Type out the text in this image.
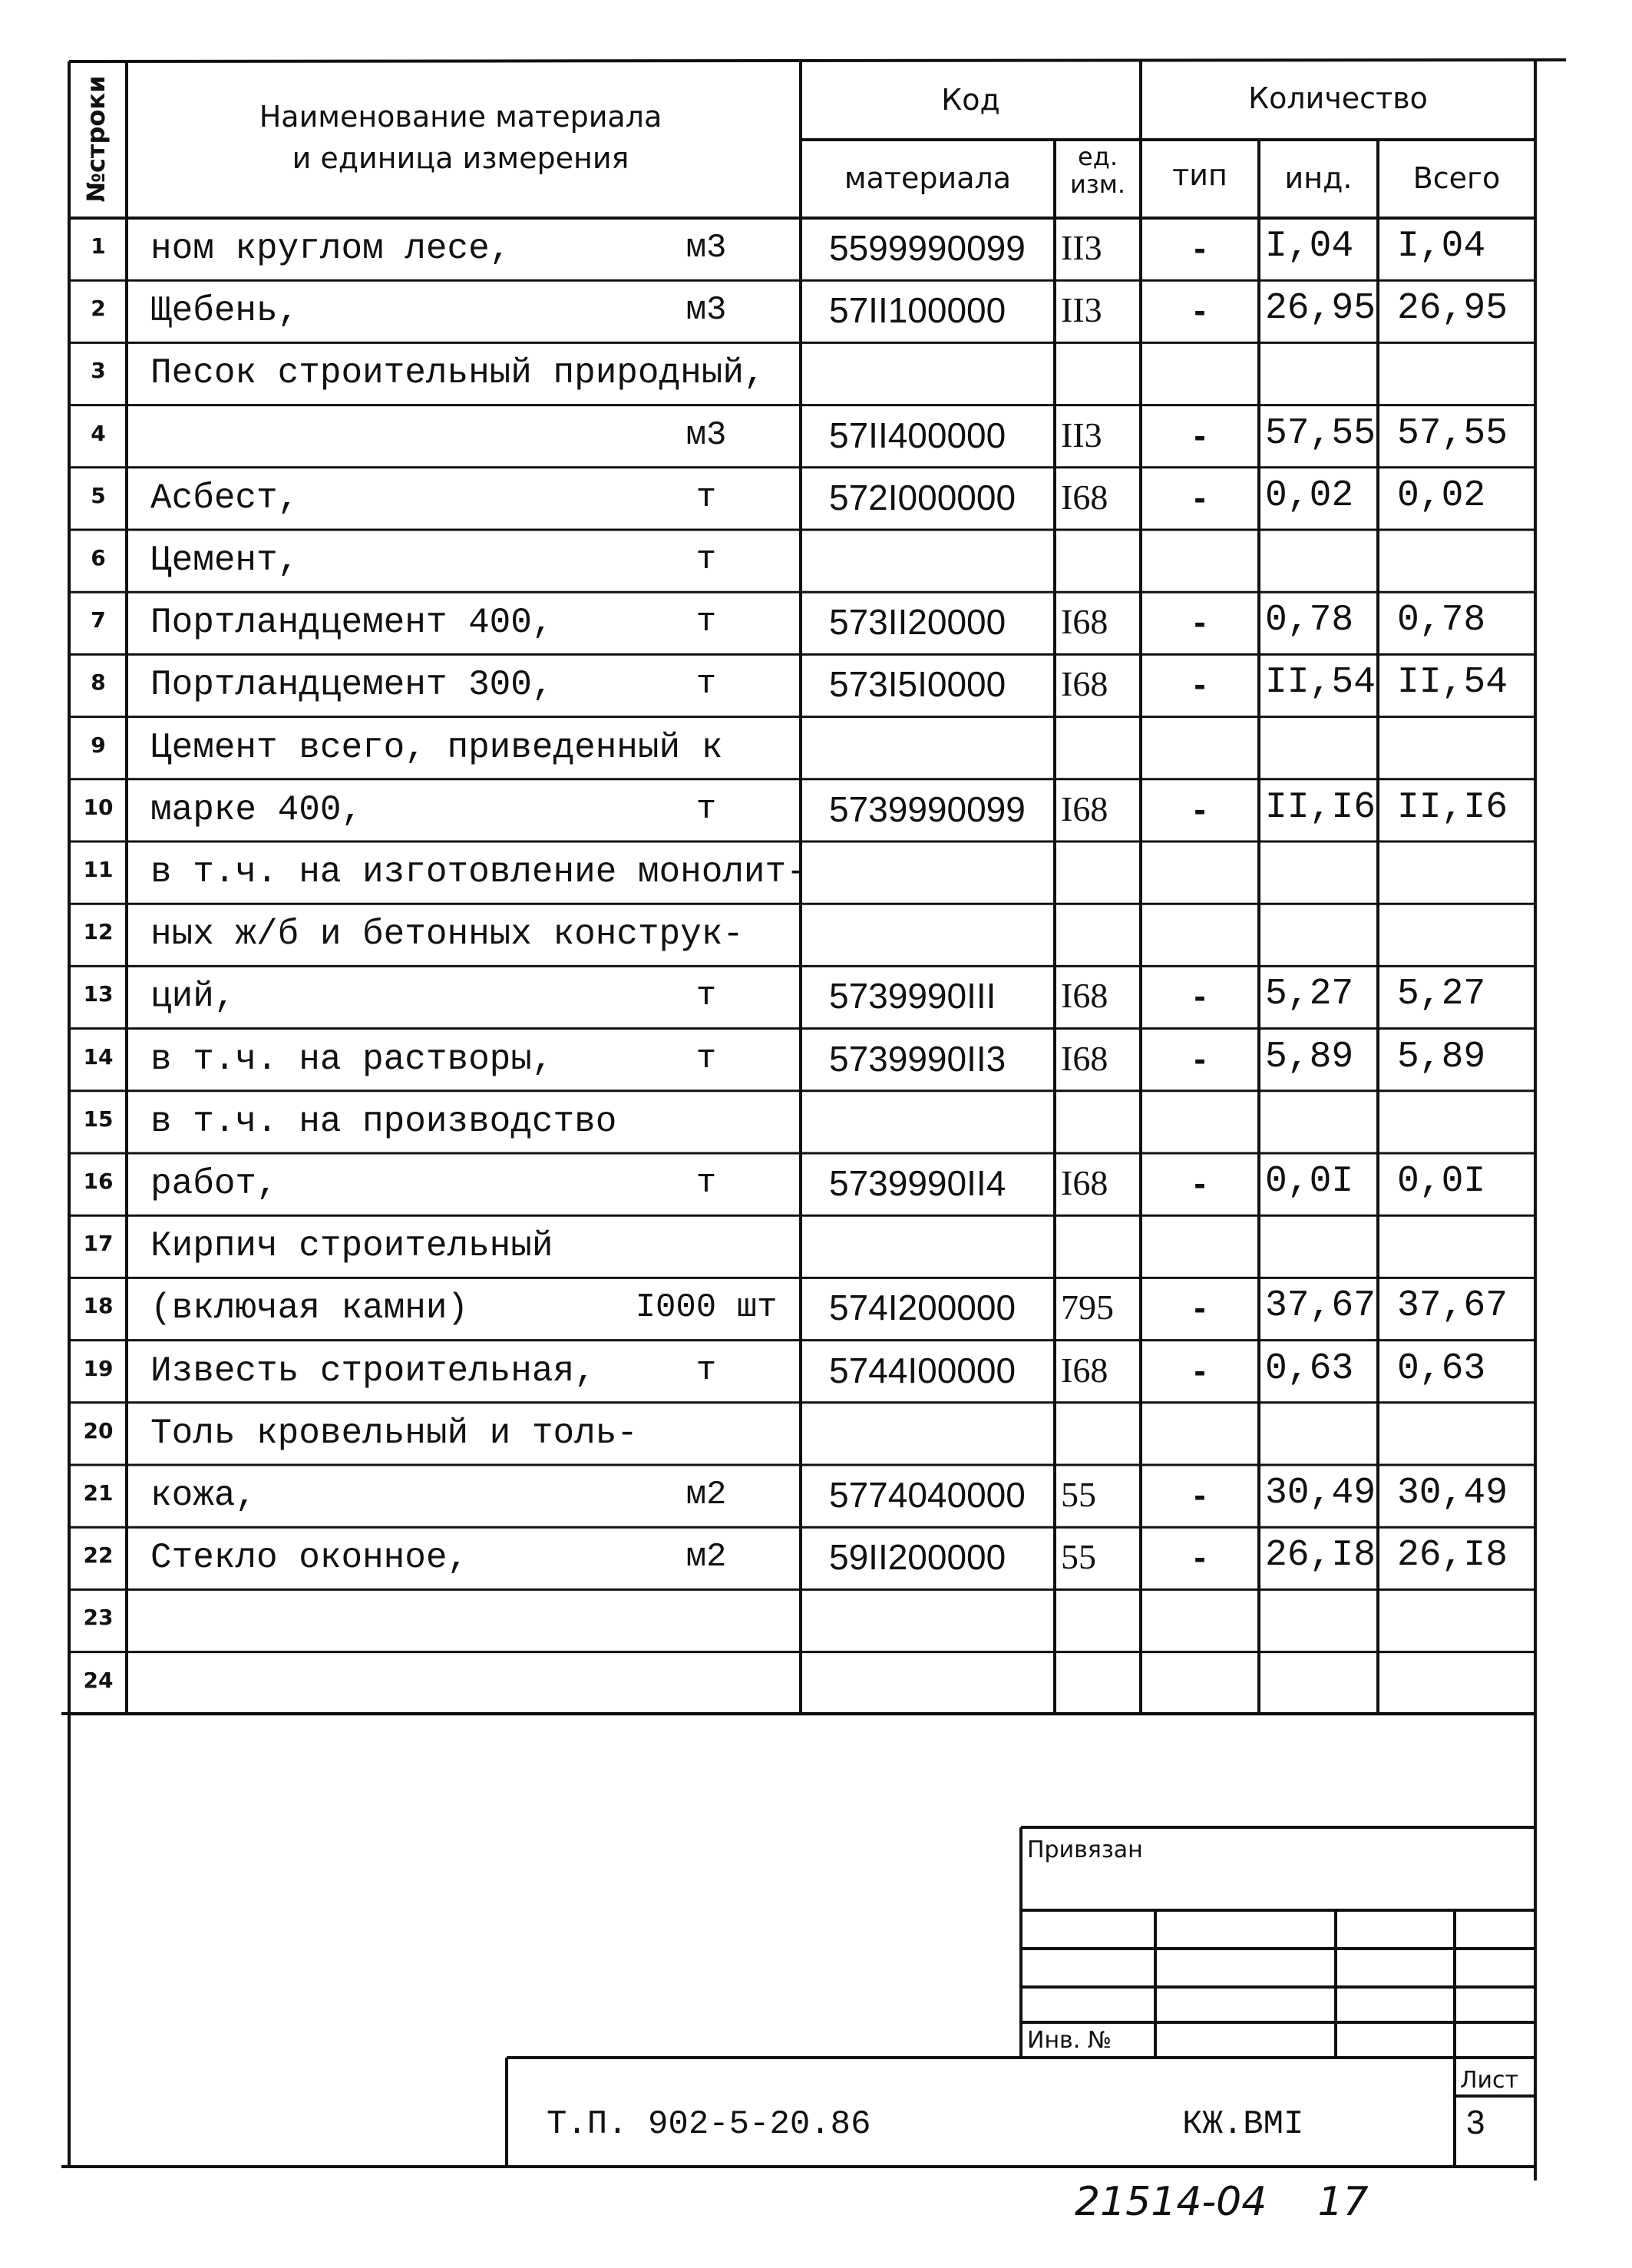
№строки	Наименование материала
и единица измерения
Код
материала
ед.
изм.
Количество
тип	инд.	Всего
1	ном круглом лесе,	м3	5599990099 II3	-	I,04 I,04
2	Щебень,	м3	57II100000 II3	-	26,95 26,95
3	Песок строительный природный,
4	м3	57II400000 II3	-	57,55 57,55
5	Асбест,	т	572I000000 I68	-	0,02 0,02
6	Цемент,	т
7	Портландцемент 400,	т	573II20000 I68	-	0,78 0,78
8	Портландцемент 300,	т	573I5I0000 I68	-	II,54 II,54
9	Цемент всего, приведенный к
10	марке 400,	т	5739990099 I68	-	II,I6 II,I6
11	в т.ч. на изготовление монолит-
12	ных ж/б и бетонных конструк-
13	ций,	т	5739990III I68	-	5,27 5,27
14	в т.ч. на растворы,	т	5739990II3 I68	-	5,89 5,89
15	в т.ч. на производство
16	работ,	т	5739990II4 I68	-	0,0I 0,0I
17	Кирпич строительный
18	(включая камни)	I000 шт	574I200000 795	-	37,67 37,67
19	Известь строительная,	т	5744I00000 I68	-	0,63 0,63
20	Толь кровельный и толь-
21	кожа,	м2	5774040000 55	-	30,49 30,49
22	Стекло оконное,	м2	59II200000 55	-	26,I8 26,I8
23
24
Привязан
Инв. №
Т.П. 902-5-20.86	КЖ.ВМI
Лист
3
21514-04    17
